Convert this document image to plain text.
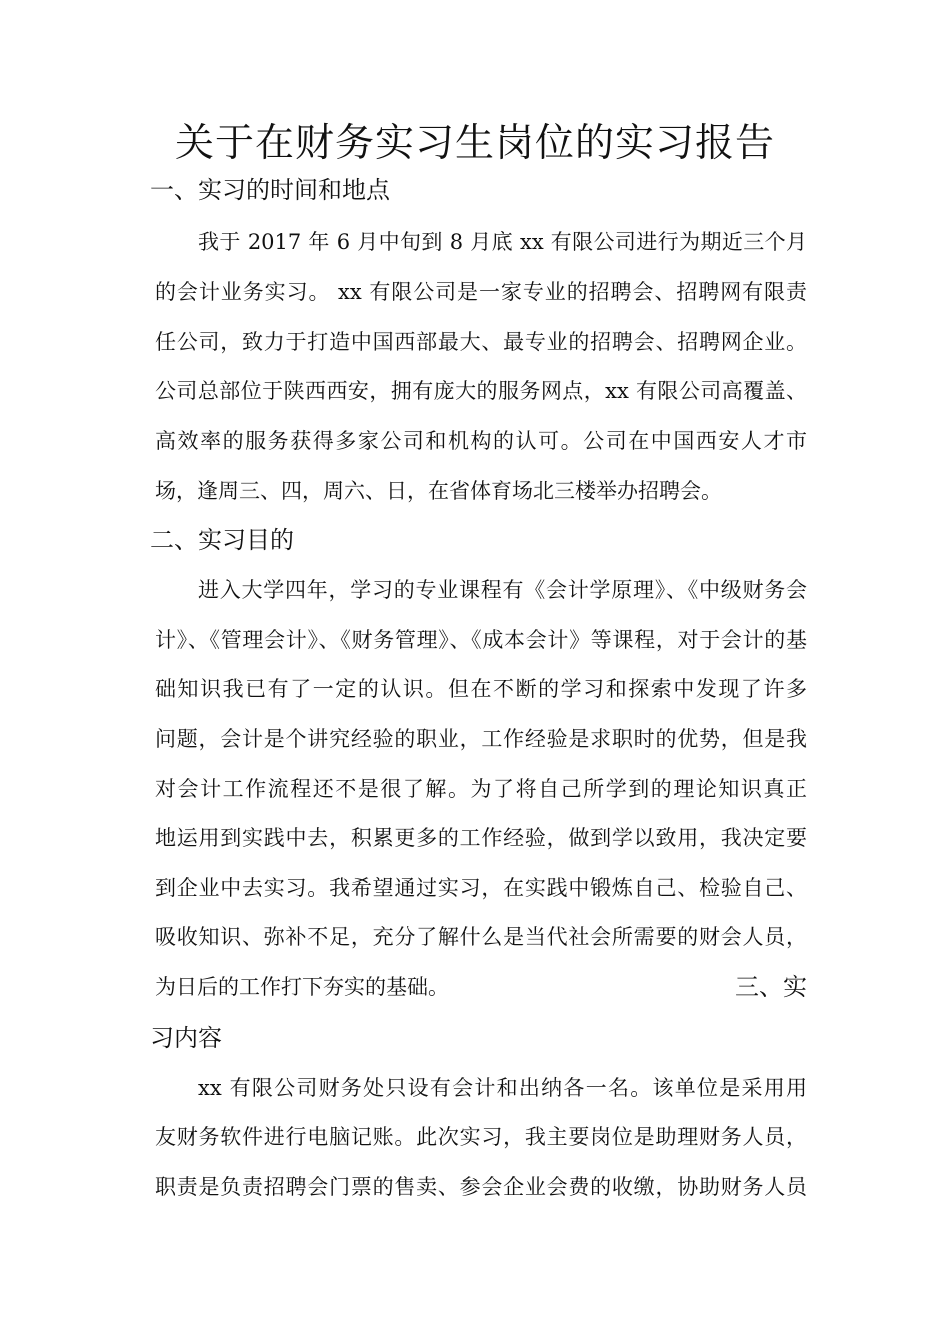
关于在财务实习生岗位的实习报告
一、实习的时间和地点
我于 2017 年 6 月中旬到 8 月底 xx 有限公司进行为期近三个月
的会计业务实习。 xx 有限公司是一家专业的招聘会、招聘网有限责
任公司，致力于打造中国西部最大、最专业的招聘会、招聘网企业。
公司总部位于陕西西安，拥有庞大的服务网点，xx 有限公司高覆盖、
高效率的服务获得多家公司和机构的认可。公司在中国西安人才市
场，逢周三、四，周六、日，在省体育场北三楼举办招聘会。
二、实习目的
进入大学四年，学习的专业课程有《会计学原理》、《中级财务会
计》、《管理会计》、《财务管理》、《成本会计》等课程，对于会计的基
础知识我已有了一定的认识。但在不断的学习和探索中发现了许多
问题，会计是个讲究经验的职业，工作经验是求职时的优势，但是我
对会计工作流程还不是很了解。为了将自己所学到的理论知识真正
地运用到实践中去，积累更多的工作经验，做到学以致用，我决定要
到企业中去实习。我希望通过实习，在实践中锻炼自己、检验自己、
吸收知识、弥补不足，充分了解什么是当代社会所需要的财会人员，
为日后的工作打下夯实的基础。	三、实
习内容
xx 有限公司财务处只设有会计和出纳各一名。该单位是采用用
友财务软件进行电脑记账。此次实习，我主要岗位是助理财务人员，
职责是负责招聘会门票的售卖、参会企业会费的收缴，协助财务人员
